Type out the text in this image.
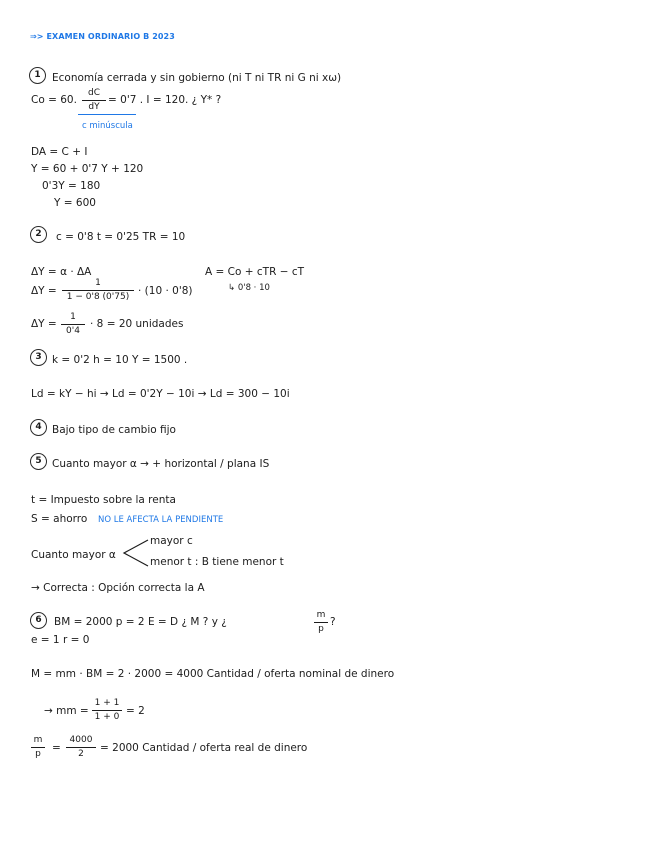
⇒> EXAMEN ORDINARIO B 2023
1	Economía cerrada y sin gobierno (ni T ni TR ni G ni xω)
Co = 60.
dC
dY
= 0'7 . I = 120. ¿ Y* ?
c minúscula
DA = C + I
Y = 60 + 0'7 Y + 120
0'3Y = 180
Y = 600
2	c = 0'8 t = 0'25 TR = 10
ΔY = α · ΔA	A = Co + cTR − cT
↳ 0'8 · 10
ΔY =
1
1 − 0'8 (0'75) · (10 · 0'8)
ΔY =
1
0'4
· 8 = 20 unidades
3 k = 0'2 h = 10 Y = 1500 .
Ld = kY − hi → Ld = 0'2Y − 10i → Ld = 300 − 10i
4 Bajo tipo de cambio fijo
5 Cuanto mayor α → + horizontal / plana IS
t = Impuesto sobre la renta
S = ahorro NO LE AFECTA LA PENDIENTE
Cuanto mayor α
mayor c
menor t : B tiene menor t
→ Correcta : Opción correcta la A
6	BM = 2000 p = 2 E = D ¿ M ? y ¿
m
p
?
e = 1 r = 0
M = mm · BM = 2 · 2000 = 4000 Cantidad / oferta nominal de dinero
→ mm =
1 + 1
1 + 0 = 2
m
p =
4000
2 = 2000 Cantidad / oferta real de dinero
